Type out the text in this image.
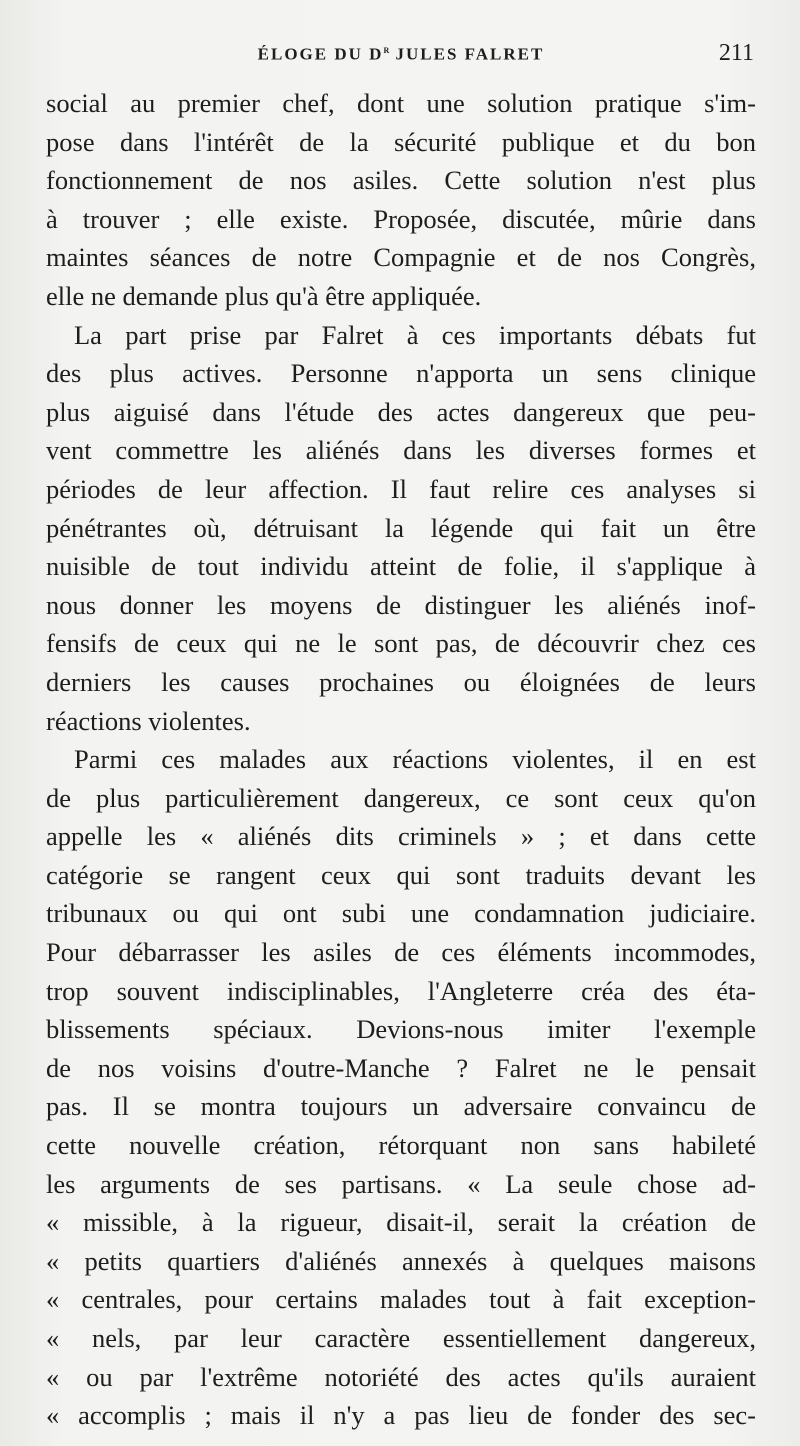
ÉLOGE DU $D^r$ JULES FALRET	211
social au premier chef, dont une solution pratique s'im-
pose dans l'intérêt de la sécurité publique et du bon
fonctionnement de nos asiles. Cette solution n'est plus
à trouver ; elle existe. Proposée, discutée, mûrie dans
maintes séances de notre Compagnie et de nos Congrès,
elle ne demande plus qu'à être appliquée.
La part prise par Falret à ces importants débats fut
des plus actives. Personne n'apporta un sens clinique
plus aiguisé dans l'étude des actes dangereux que peu-
vent commettre les aliénés dans les diverses formes et
périodes de leur affection. Il faut relire ces analyses si
pénétrantes où, détruisant la légende qui fait un être
nuisible de tout individu atteint de folie, il s'applique à
nous donner les moyens de distinguer les aliénés inof-
fensifs de ceux qui ne le sont pas, de découvrir chez ces
derniers les causes prochaines ou éloignées de leurs
réactions violentes.
Parmi ces malades aux réactions violentes, il en est
de plus particulièrement dangereux, ce sont ceux qu'on
appelle les « aliénés dits criminels » ; et dans cette
catégorie se rangent ceux qui sont traduits devant les
tribunaux ou qui ont subi une condamnation judiciaire.
Pour débarrasser les asiles de ces éléments incommodes,
trop souvent indisciplinables, l'Angleterre créa des éta-
blissements spéciaux. Devions-nous imiter l'exemple
de nos voisins d'outre-Manche ? Falret ne le pensait
pas. Il se montra toujours un adversaire convaincu de
cette nouvelle création, rétorquant non sans habileté
les arguments de ses partisans. « La seule chose ad-
« missible, à la rigueur, disait-il, serait la création de
« petits quartiers d'aliénés annexés à quelques maisons
« centrales, pour certains malades tout à fait exception-
« nels, par leur caractère essentiellement dangereux,
« ou par l'extrême notoriété des actes qu'ils auraient
« accomplis ; mais il n'y a pas lieu de fonder des sec-
